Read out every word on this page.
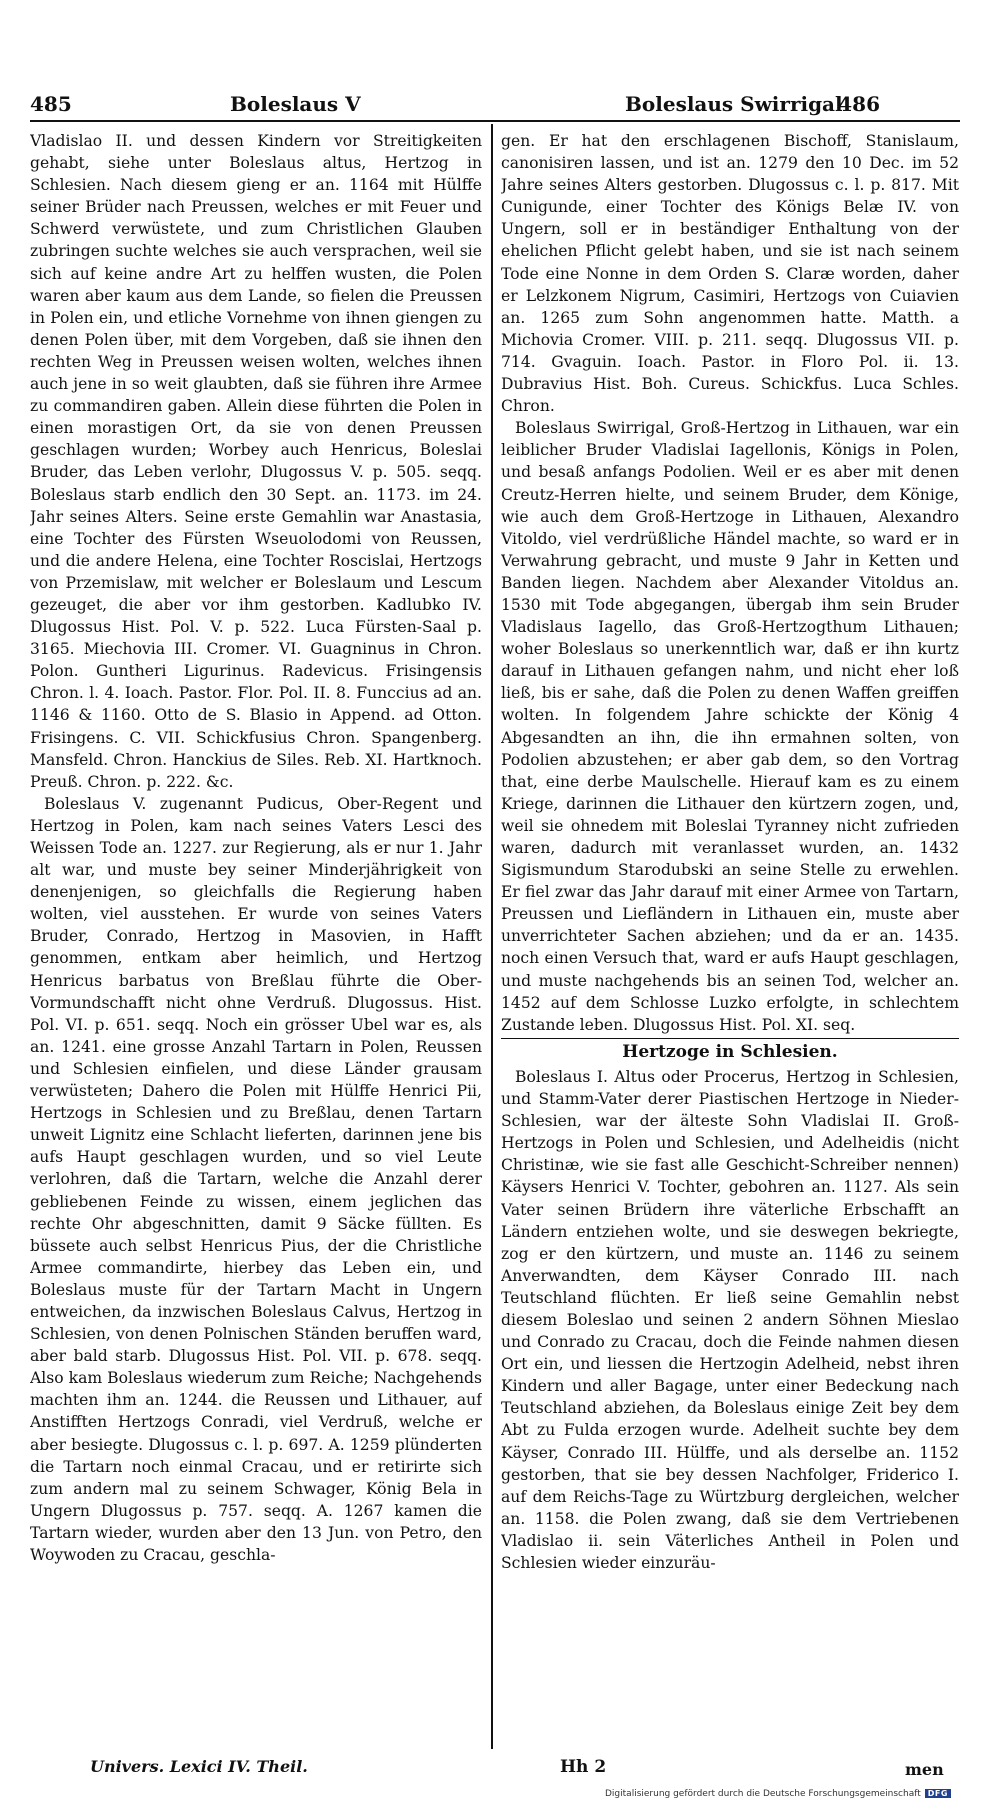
485	Boleslaus V	Boleslaus Swirrigal
486

Vladislao II. und dessen Kindern vor Streitigkeiten gehabt, siehe unter Boleslaus altus, Hertzog in Schlesien. Nach diesem gieng er an. 1164 mit Hülffe seiner Brüder nach Preussen, welches er mit Feuer und Schwerd verwüstete, und zum Christlichen Glauben zubringen suchte welches sie auch versprachen, weil sie sich auf keine andre Art zu helffen wusten, die Polen waren aber kaum aus dem Lande, so fielen die Preussen in Polen ein, und etliche Vornehme von ihnen giengen zu denen Polen über, mit dem Vorgeben, daß sie ihnen den rechten Weg in Preussen weisen wolten, welches ihnen auch jene in so weit glaubten, daß sie führen ihre Armee zu commandiren gaben. Allein diese führten die Polen in einen morastigen Ort, da sie von denen Preussen geschlagen wurden; Worbey auch Henricus, Boleslai Bruder, das Leben verlohr, Dlugossus V. p. 505. seqq. Boleslaus starb endlich den 30 Sept. an. 1173. im 24. Jahr seines Alters. Seine erste Gemahlin war Anastasia, eine Tochter des Fürsten Wseuolodomi von Reussen, und die andere Helena, eine Tochter Roscislai, Hertzogs von Przemislaw, mit welcher er Boleslaum und Lescum gezeuget, die aber vor ihm gestorben. Kadlubko IV. Dlugossus Hist. Pol. V. p. 522. Luca Fürsten-Saal p. 3165. Miechovia III. Cromer. VI. Guagninus in Chron. Polon. Guntheri Ligurinus. Radevicus. Frisingensis Chron. l. 4. Ioach. Pastor. Flor. Pol. II. 8. Funccius ad an. 1146 & 1160. Otto de S. Blasio in Append. ad Otton. Frisingens. C. VII. Schickfusius Chron. Spangenberg. Mansfeld. Chron. Hanckius de Siles. Reb. XI. Hartknoch. Preuß. Chron. p. 222. &c.

Boleslaus V. zugenannt Pudicus, Ober-Regent und Hertzog in Polen, kam nach seines Vaters Lesci des Weissen Tode an. 1227. zur Regierung, als er nur 1. Jahr alt war, und muste bey seiner Minderjährigkeit von denenjenigen, so gleichfalls die Regierung haben wolten, viel ausstehen. Er wurde von seines Vaters Bruder, Conrado, Hertzog in Masovien, in Hafft genommen, entkam aber heimlich, und Hertzog Henricus barbatus von Breßlau führte die Ober-Vormundschafft nicht ohne Verdruß. Dlugossus. Hist. Pol. VI. p. 651. seqq. Noch ein grösser Ubel war es, als an. 1241. eine grosse Anzahl Tartarn in Polen, Reussen und Schlesien einfielen, und diese Länder grausam verwüsteten; Dahero die Polen mit Hülffe Henrici Pii, Hertzogs in Schlesien und zu Breßlau, denen Tartarn unweit Lignitz eine Schlacht lieferten, darinnen jene bis aufs Haupt geschlagen wurden, und so viel Leute verlohren, daß die Tartarn, welche die Anzahl derer gebliebenen Feinde zu wissen, einem jeglichen das rechte Ohr abgeschnitten, damit 9 Säcke füllten. Es büssete auch selbst Henricus Pius, der die Christliche Armee commandirte, hierbey das Leben ein, und Boleslaus muste für der Tartarn Macht in Ungern entweichen, da inzwischen Boleslaus Calvus, Hertzog in Schlesien, von denen Polnischen Ständen beruffen ward, aber bald starb. Dlugossus Hist. Pol. VII. p. 678. seqq. Also kam Boleslaus wiederum zum Reiche; Nachgehends machten ihm an. 1244. die Reussen und Lithauer, auf Anstifften Hertzogs Conradi, viel Verdruß, welche er aber besiegte. Dlugossus c. l. p. 697. A. 1259 plünderten die Tartarn noch einmal Cracau, und er retirirte sich zum andern mal zu seinem Schwager, König Bela in Ungern Dlugossus p. 757. seqq. A. 1267 kamen die Tartarn wieder, wurden aber den 13 Jun. von Petro, den Woywoden zu Cracau, geschla-

gen. Er hat den erschlagenen Bischoff, Stanislaum, canonisiren lassen, und ist an. 1279 den 10 Dec. im 52 Jahre seines Alters gestorben. Dlugossus c. l. p. 817. Mit Cunigunde, einer Tochter des Königs Belæ IV. von Ungern, soll er in beständiger Enthaltung von der ehelichen Pflicht gelebt haben, und sie ist nach seinem Tode eine Nonne in dem Orden S. Claræ worden, daher er Lelzkonem Nigrum, Casimiri, Hertzogs von Cuiavien an. 1265 zum Sohn angenommen hatte. Matth. a Michovia Cromer. VIII. p. 211. seqq. Dlugossus VII. p. 714. Gvaguin. Ioach. Pastor. in Floro Pol. ii. 13. Dubravius Hist. Boh. Cureus. Schickfus. Luca Schles. Chron.

Boleslaus Swirrigal, Groß-Hertzog in Lithauen, war ein leiblicher Bruder Vladislai Iagellonis, Königs in Polen, und besaß anfangs Podolien. Weil er es aber mit denen Creutz-Herren hielte, und seinem Bruder, dem Könige, wie auch dem Groß-Hertzoge in Lithauen, Alexandro Vitoldo, viel verdrüßliche Händel machte, so ward er in Verwahrung gebracht, und muste 9 Jahr in Ketten und Banden liegen. Nachdem aber Alexander Vitoldus an. 1530 mit Tode abgegangen, übergab ihm sein Bruder Vladislaus Iagello, das Groß-Hertzogthum Lithauen; woher Boleslaus so unerkenntlich war, daß er ihn kurtz darauf in Lithauen gefangen nahm, und nicht eher loß ließ, bis er sahe, daß die Polen zu denen Waffen greiffen wolten. In folgendem Jahre schickte der König 4 Abgesandten an ihn, die ihn ermahnen solten, von Podolien abzustehen; er aber gab dem, so den Vortrag that, eine derbe Maulschelle. Hierauf kam es zu einem Kriege, darinnen die Lithauer den kürtzern zogen, und, weil sie ohnedem mit Boleslai Tyranney nicht zufrieden waren, dadurch mit veranlasset wurden, an. 1432 Sigismundum Starodubski an seine Stelle zu erwehlen. Er fiel zwar das Jahr darauf mit einer Armee von Tartarn, Preussen und Liefländern in Lithauen ein, muste aber unverrichteter Sachen abziehen; und da er an. 1435. noch einen Versuch that, ward er aufs Haupt geschlagen, und muste nachgehends bis an seinen Tod, welcher an. 1452 auf dem Schlosse Luzko erfolgte, in schlechtem Zustande leben. Dlugossus Hist. Pol. XI. seq.

Hertzoge in Schlesien.

Boleslaus I. Altus oder Procerus, Hertzog in Schlesien, und Stamm-Vater derer Piastischen Hertzoge in Nieder-Schlesien, war der älteste Sohn Vladislai II. Groß-Hertzogs in Polen und Schlesien, und Adelheidis (nicht Christinæ, wie sie fast alle Geschicht-Schreiber nennen) Käysers Henrici V. Tochter, gebohren an. 1127. Als sein Vater seinen Brüdern ihre väterliche Erbschafft an Ländern entziehen wolte, und sie deswegen bekriegte, zog er den kürtzern, und muste an. 1146 zu seinem Anverwandten, dem Käyser Conrado III. nach Teutschland flüchten. Er ließ seine Gemahlin nebst diesem Boleslao und seinen 2 andern Söhnen Mieslao und Conrado zu Cracau, doch die Feinde nahmen diesen Ort ein, und liessen die Hertzogin Adelheid, nebst ihren Kindern und aller Bagage, unter einer Bedeckung nach Teutschland abziehen, da Boleslaus einige Zeit bey dem Abt zu Fulda erzogen wurde. Adelheit suchte bey dem Käyser, Conrado III. Hülffe, und als derselbe an. 1152 gestorben, that sie bey dessen Nachfolger, Friderico I. auf dem Reichs-Tage zu Würtzburg dergleichen, welcher an. 1158. die Polen zwang, daß sie dem Vertriebenen Vladislao ii. sein Väterliches Antheil in Polen und Schlesien wieder einzuräu-

Univers. Lexici IV. Theil.	Hh 2	men
Digitalisierung gefördert durch die Deutsche Forschungsgemeinschaft DFG
